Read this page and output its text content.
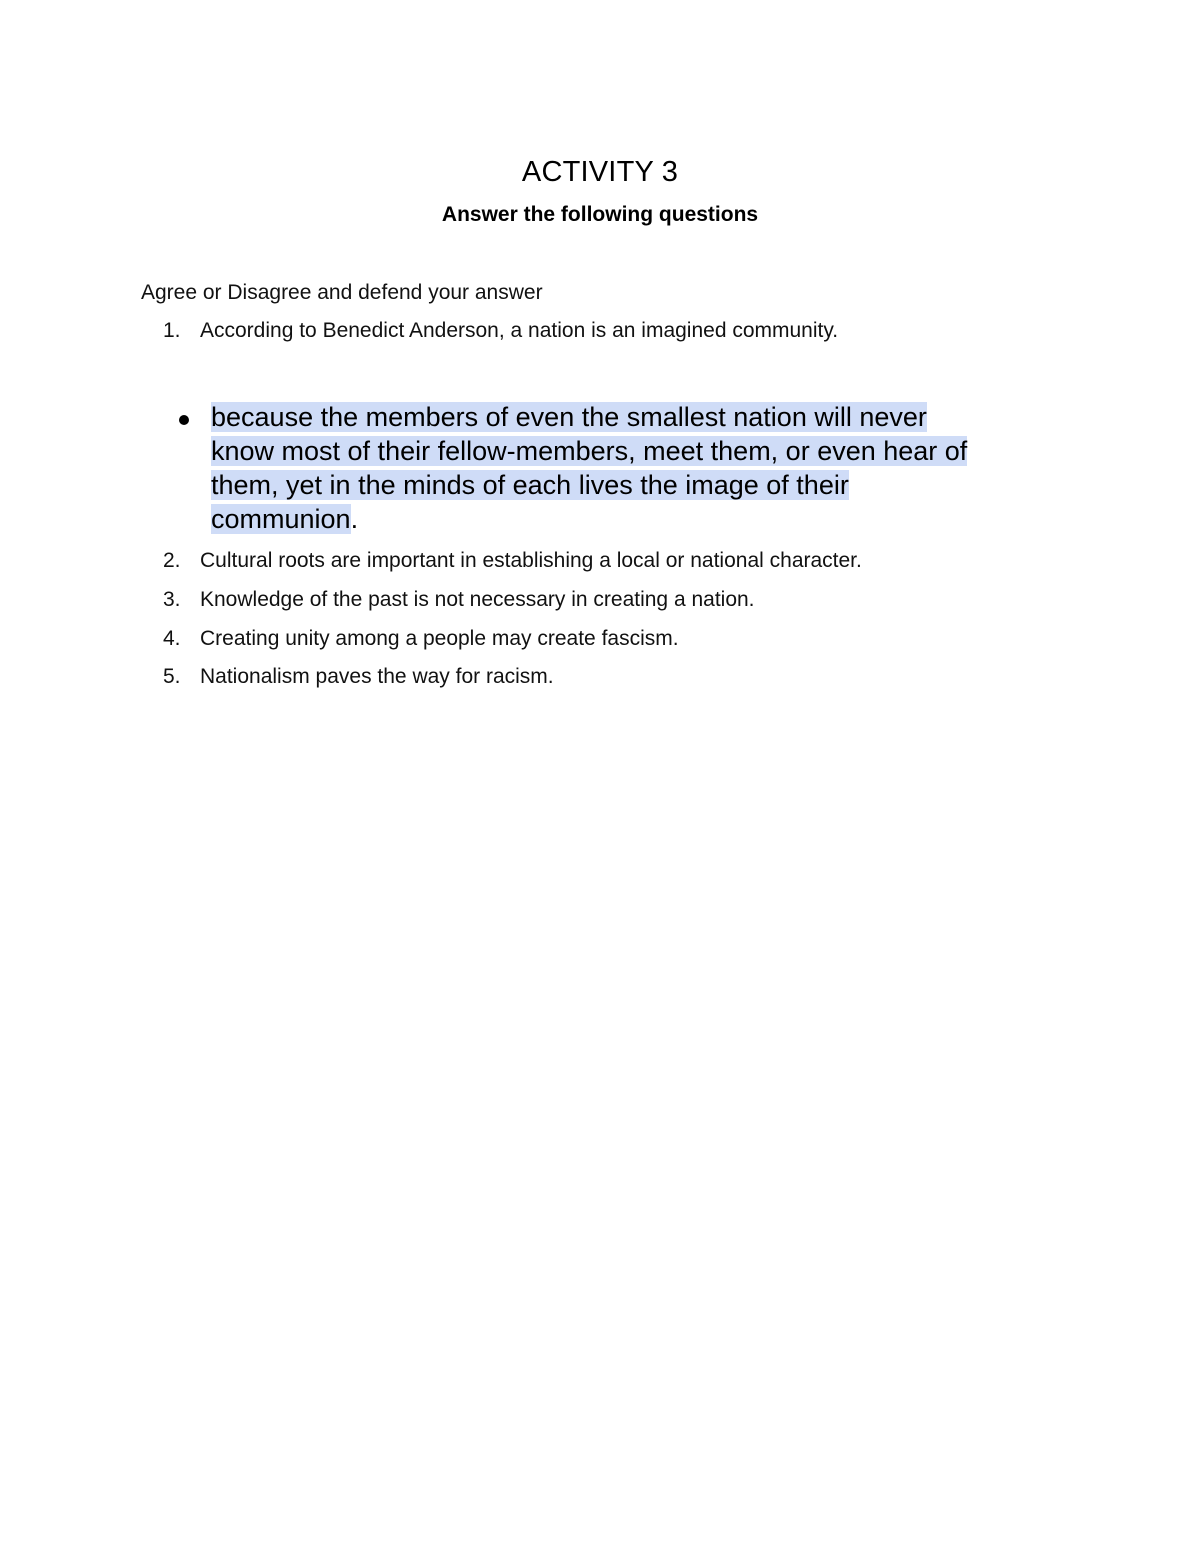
ACTIVITY 3
Answer the following questions
Agree or Disagree and defend your answer
1. According to Benedict Anderson, a nation is an imagined community.
because the members of even the smallest nation will never
know most of their fellow-members, meet them, or even hear of
them, yet in the minds of each lives the image of their
communion.
2. Cultural roots are important in establishing a local or national character.
3. Knowledge of the past is not necessary in creating a nation.
4. Creating unity among a people may create fascism.
5. Nationalism paves the way for racism.
